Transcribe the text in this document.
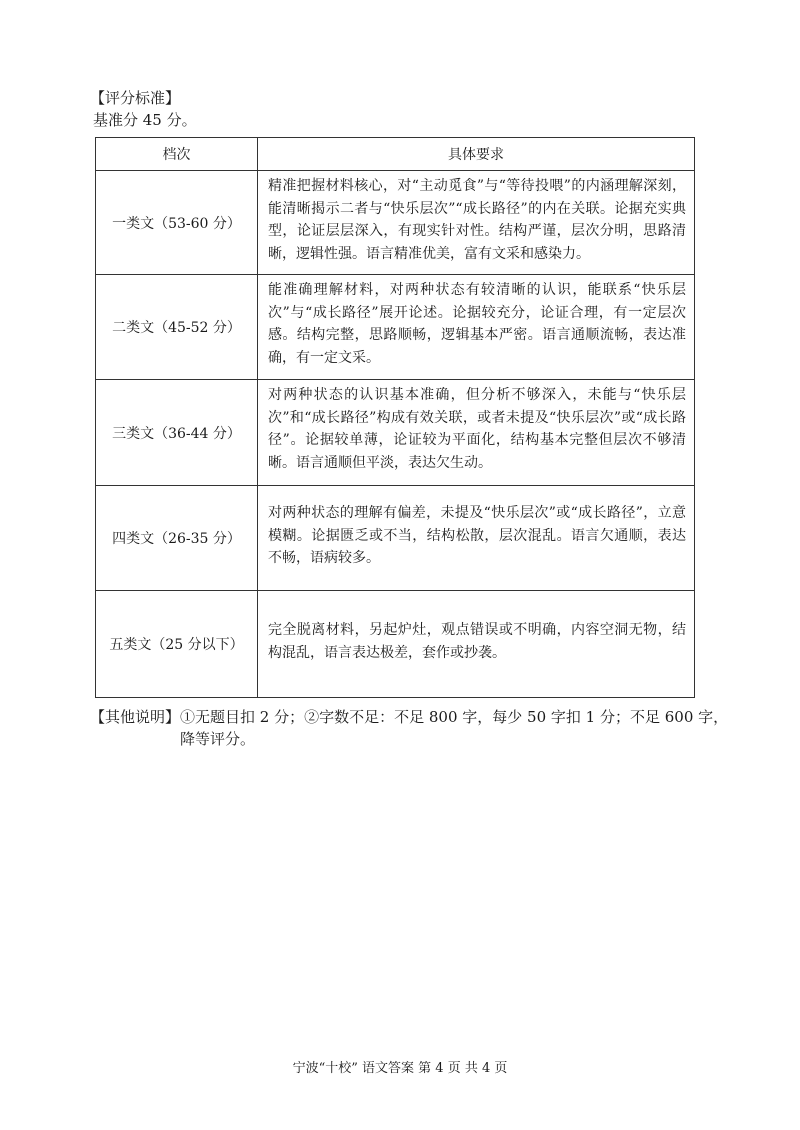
【评分标准】
基准分 45 分。
档次	具体要求
一类文（53-60 分）	精准把握材料核心，对“主动觅食”与“等待投喂”的内涵理解深刻，能清晰揭示二者与“快乐层次”“成长路径”的内在关联。论据充实典型，论证层层深入，有现实针对性。结构严谨，层次分明，思路清晰，逻辑性强。语言精准优美，富有文采和感染力。
二类文（45-52 分）	能准确理解材料，对两种状态有较清晰的认识，能联系“快乐层次”与“成长路径”展开论述。论据较充分，论证合理，有一定层次感。结构完整，思路顺畅，逻辑基本严密。语言通顺流畅，表达准确，有一定文采。
三类文（36-44 分）	对两种状态的认识基本准确，但分析不够深入，未能与“快乐层次”和“成长路径”构成有效关联，或者未提及“快乐层次”或“成长路径”。论据较单薄，论证较为平面化，结构基本完整但层次不够清晰。语言通顺但平淡，表达欠生动。
四类文（26-35 分）	对两种状态的理解有偏差，未提及“快乐层次”或“成长路径”，立意模糊。论据匮乏或不当，结构松散，层次混乱。语言欠通顺，表达不畅，语病较多。
五类文（25 分以下）	完全脱离材料，另起炉灶，观点错误或不明确，内容空洞无物，结构混乱，语言表达极差，套作或抄袭。
【其他说明】 ①无题目扣 2 分；②字数不足：不足 800 字，每少 50 字扣 1 分；不足 600 字，降等评分。
宁波“十校” 语文答案 第 4 页 共 4 页
